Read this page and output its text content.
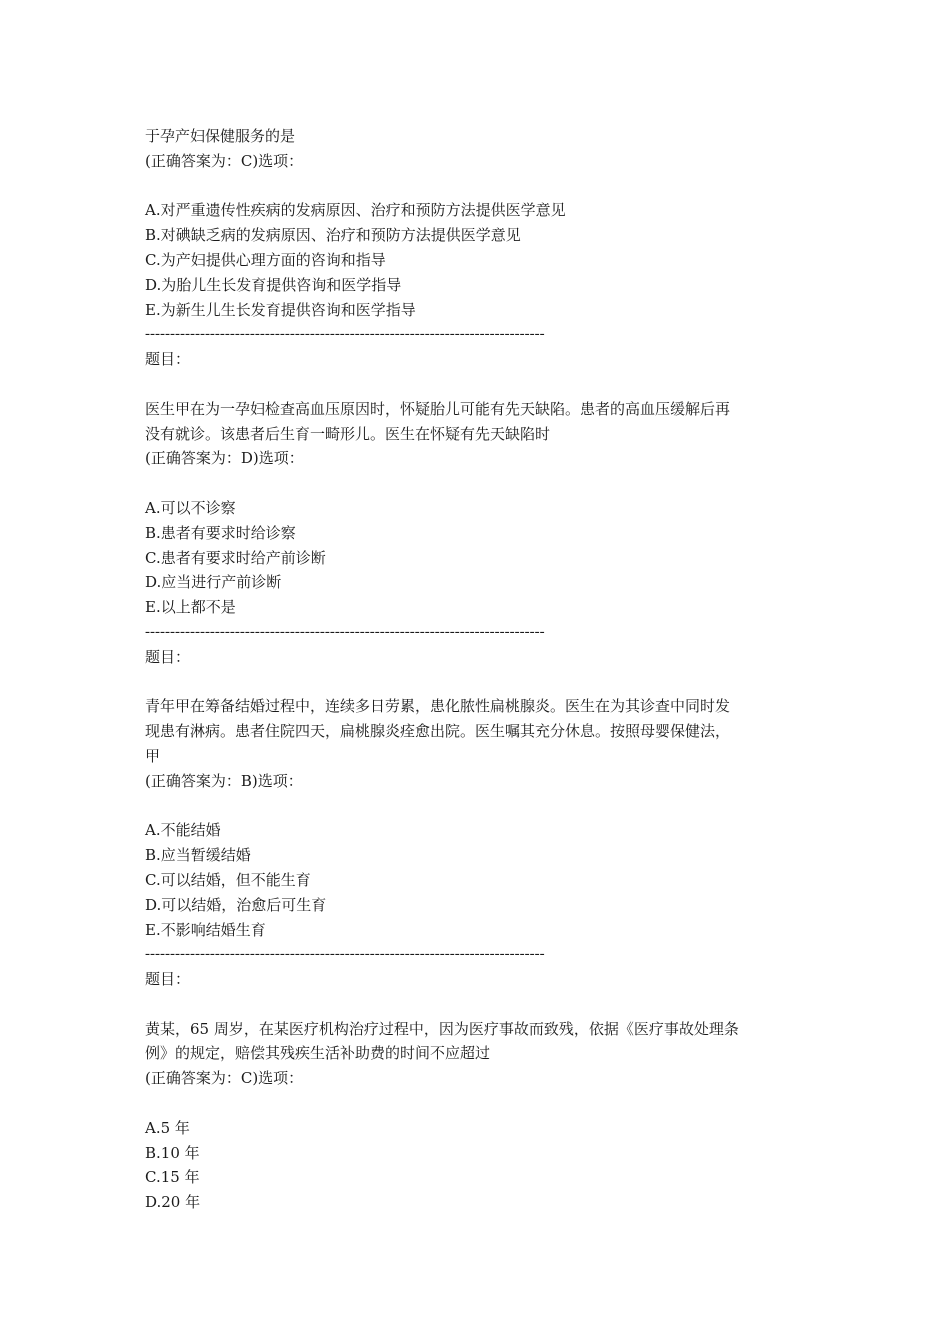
于孕产妇保健服务的是
(正确答案为：C)选项：
A.对严重遗传性疾病的发病原因、治疗和预防方法提供医学意见
B.对碘缺乏病的发病原因、治疗和预防方法提供医学意见
C.为产妇提供心理方面的咨询和指导
D.为胎儿生长发育提供咨询和医学指导
E.为新生儿生长发育提供咨询和医学指导
--------------------------------------------------------------------------------
题目：
医生甲在为一孕妇检查高血压原因时，怀疑胎儿可能有先天缺陷。患者的高血压缓解后再
没有就诊。该患者后生育一畸形儿。医生在怀疑有先天缺陷时
(正确答案为：D)选项：
A.可以不诊察
B.患者有要求时给诊察
C.患者有要求时给产前诊断
D.应当进行产前诊断
E.以上都不是
--------------------------------------------------------------------------------
题目：
青年甲在筹备结婚过程中，连续多日劳累，患化脓性扁桃腺炎。医生在为其诊查中同时发
现患有淋病。患者住院四天，扁桃腺炎痊愈出院。医生嘱其充分休息。按照母婴保健法，
甲
(正确答案为：B)选项：
A.不能结婚
B.应当暂缓结婚
C.可以结婚，但不能生育
D.可以结婚，治愈后可生育
E.不影响结婚生育
--------------------------------------------------------------------------------
题目：
黄某，65 周岁，在某医疗机构治疗过程中，因为医疗事故而致残，依据《医疗事故处理条
例》的规定，赔偿其残疾生活补助费的时间不应超过
(正确答案为：C)选项：
A.5 年
B.10 年
C.15 年
D.20 年
